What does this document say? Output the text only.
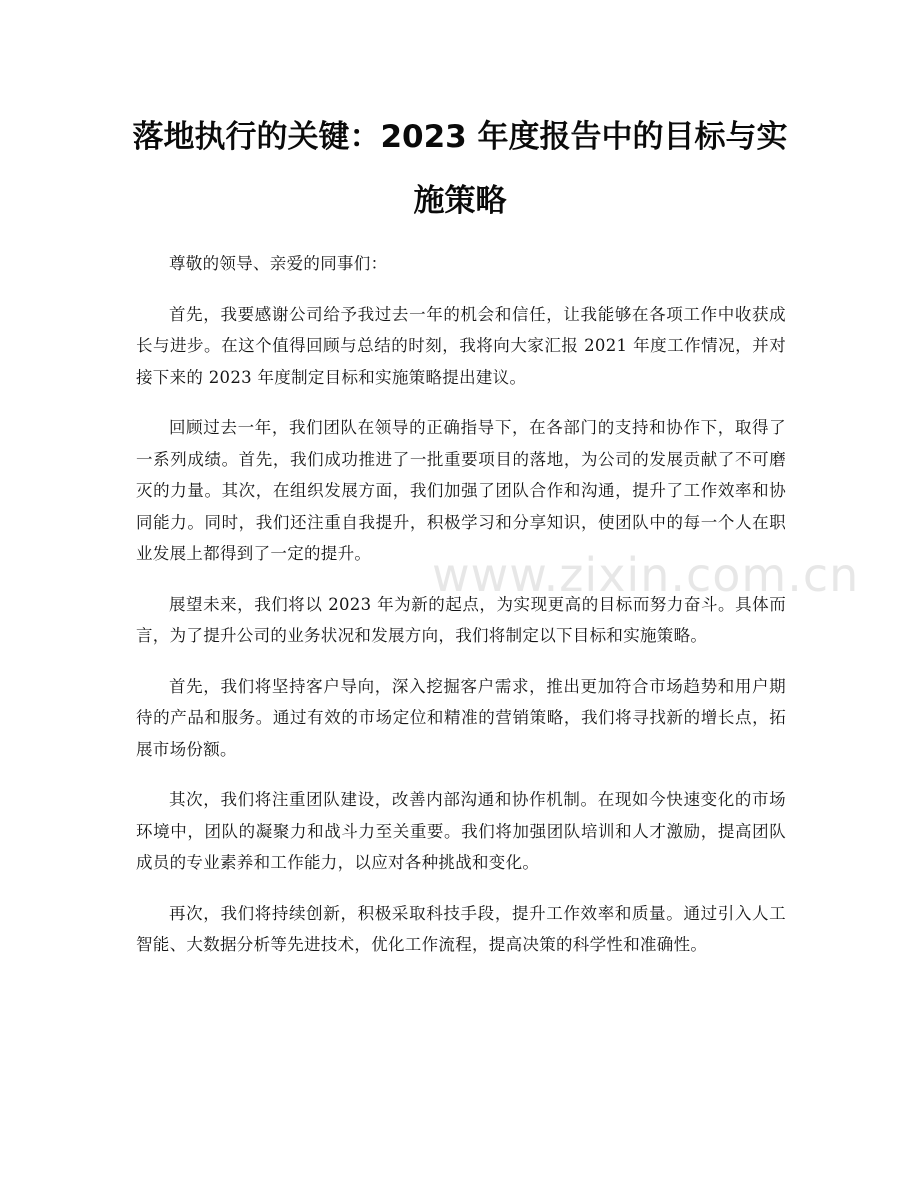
落地执行的关键：2023 年度报告中的目标与实施策略

尊敬的领导、亲爱的同事们：

首先，我要感谢公司给予我过去一年的机会和信任，让我能够在各项工作中收获成长与进步。在这个值得回顾与总结的时刻，我将向大家汇报 2021 年度工作情况，并对接下来的 2023 年度制定目标和实施策略提出建议。

回顾过去一年，我们团队在领导的正确指导下，在各部门的支持和协作下，取得了一系列成绩。首先，我们成功推进了一批重要项目的落地，为公司的发展贡献了不可磨灭的力量。其次，在组织发展方面，我们加强了团队合作和沟通，提升了工作效率和协同能力。同时，我们还注重自我提升，积极学习和分享知识，使团队中的每一个人在职业发展上都得到了一定的提升。

展望未来，我们将以 2023 年为新的起点，为实现更高的目标而努力奋斗。具体而言，为了提升公司的业务状况和发展方向，我们将制定以下目标和实施策略。

首先，我们将坚持客户导向，深入挖掘客户需求，推出更加符合市场趋势和用户期待的产品和服务。通过有效的市场定位和精准的营销策略，我们将寻找新的增长点，拓展市场份额。

其次，我们将注重团队建设，改善内部沟通和协作机制。在现如今快速变化的市场环境中，团队的凝聚力和战斗力至关重要。我们将加强团队培训和人才激励，提高团队成员的专业素养和工作能力，以应对各种挑战和变化。

再次，我们将持续创新，积极采取科技手段，提升工作效率和质量。通过引入人工智能、大数据分析等先进技术，优化工作流程，提高决策的科学性和准确性。

www.zixin.com.cn
